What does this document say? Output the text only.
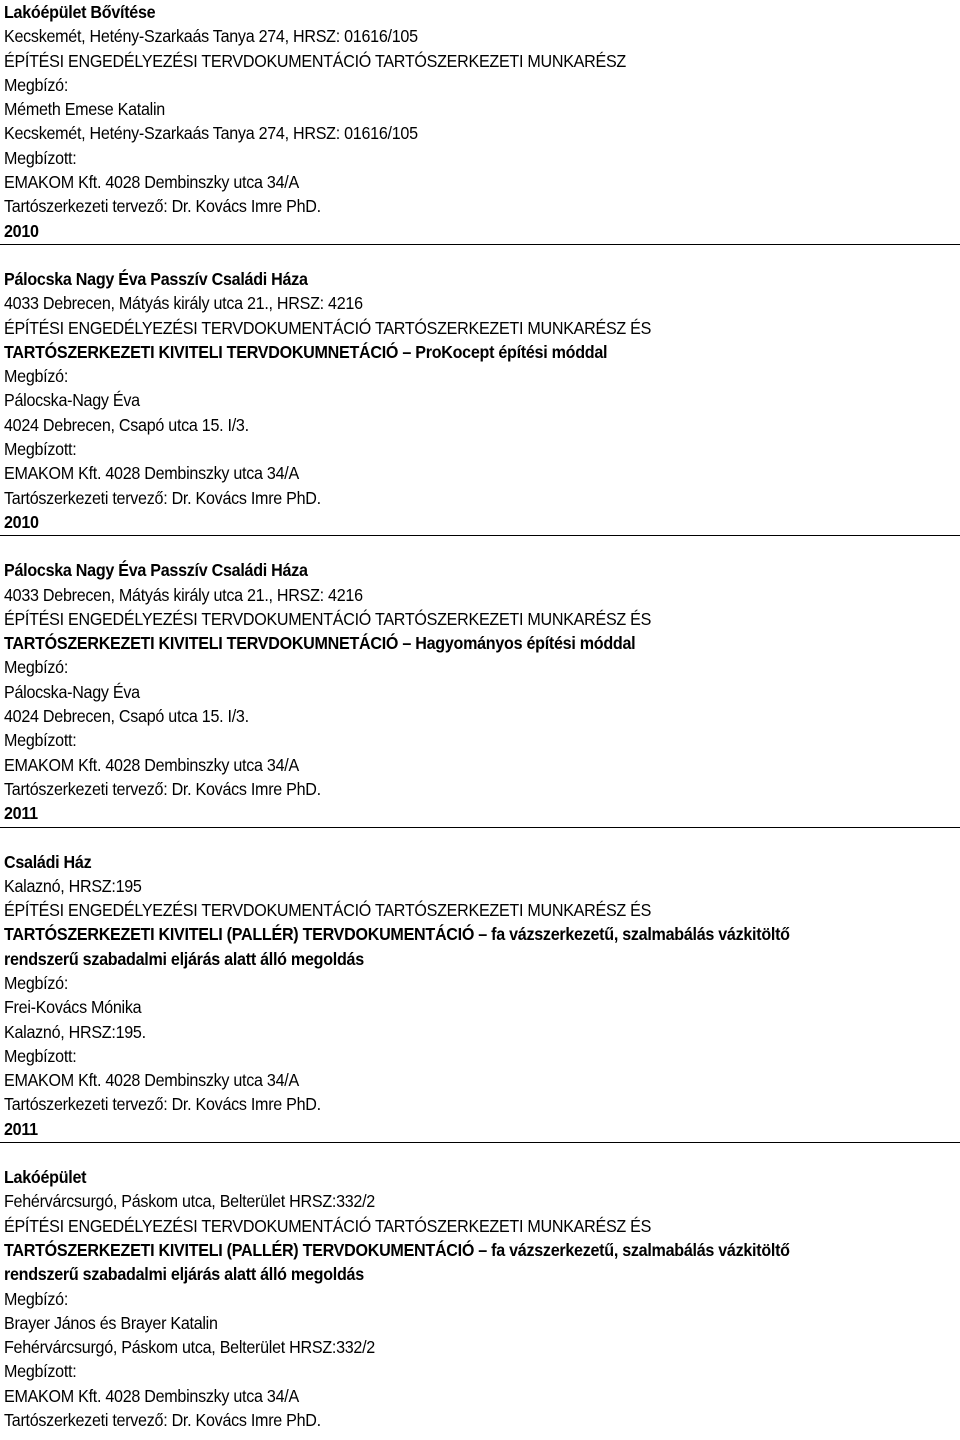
Lakóépület Bővítése
Kecskemét, Hetény-Szarkaás Tanya 274, HRSZ: 01616/105
ÉPÍTÉSI ENGEDÉLYEZÉSI TERVDOKUMENTÁCIÓ TARTÓSZERKEZETI MUNKARÉSZ
Megbízó:
Mémeth Emese Katalin
Kecskemét, Hetény-Szarkaás Tanya 274, HRSZ: 01616/105
Megbízott:
EMAKOM Kft. 4028 Dembinszky utca 34/A
Tartószerkezeti tervező: Dr. Kovács Imre PhD.
2010
Pálocska Nagy Éva Passzív Családi Háza
4033 Debrecen, Mátyás király utca 21., HRSZ: 4216
ÉPÍTÉSI ENGEDÉLYEZÉSI TERVDOKUMENTÁCIÓ TARTÓSZERKEZETI MUNKARÉSZ ÉS
TARTÓSZERKEZETI KIVITELI TERVDOKUMNETÁCIÓ – ProKocept építési móddal
Megbízó:
Pálocska-Nagy Éva
4024 Debrecen, Csapó utca 15. I/3.
Megbízott:
EMAKOM Kft. 4028 Dembinszky utca 34/A
Tartószerkezeti tervező: Dr. Kovács Imre PhD.
2010
Pálocska Nagy Éva Passzív Családi Háza
4033 Debrecen, Mátyás király utca 21., HRSZ: 4216
ÉPÍTÉSI ENGEDÉLYEZÉSI TERVDOKUMENTÁCIÓ TARTÓSZERKEZETI MUNKARÉSZ ÉS
TARTÓSZERKEZETI KIVITELI TERVDOKUMNETÁCIÓ – Hagyományos építési móddal
Megbízó:
Pálocska-Nagy Éva
4024 Debrecen, Csapó utca 15. I/3.
Megbízott:
EMAKOM Kft. 4028 Dembinszky utca 34/A
Tartószerkezeti tervező: Dr. Kovács Imre PhD.
2011
Családi Ház
Kalaznó, HRSZ:195
ÉPÍTÉSI ENGEDÉLYEZÉSI TERVDOKUMENTÁCIÓ TARTÓSZERKEZETI MUNKARÉSZ ÉS
TARTÓSZERKEZETI KIVITELI (PALLÉR) TERVDOKUMENTÁCIÓ – fa vázszerkezetű, szalmabálás vázkitöltő
rendszerű szabadalmi eljárás alatt álló megoldás
Megbízó:
Frei-Kovács Mónika
Kalaznó, HRSZ:195.
Megbízott:
EMAKOM Kft. 4028 Dembinszky utca 34/A
Tartószerkezeti tervező: Dr. Kovács Imre PhD.
2011
Lakóépület
Fehérvárcsurgó, Páskom utca, Belterület HRSZ:332/2
ÉPÍTÉSI ENGEDÉLYEZÉSI TERVDOKUMENTÁCIÓ TARTÓSZERKEZETI MUNKARÉSZ ÉS
TARTÓSZERKEZETI KIVITELI (PALLÉR) TERVDOKUMENTÁCIÓ – fa vázszerkezetű, szalmabálás vázkitöltő
rendszerű szabadalmi eljárás alatt álló megoldás
Megbízó:
Brayer János és Brayer Katalin
Fehérvárcsurgó, Páskom utca, Belterület HRSZ:332/2
Megbízott:
EMAKOM Kft. 4028 Dembinszky utca 34/A
Tartószerkezeti tervező: Dr. Kovács Imre PhD.
